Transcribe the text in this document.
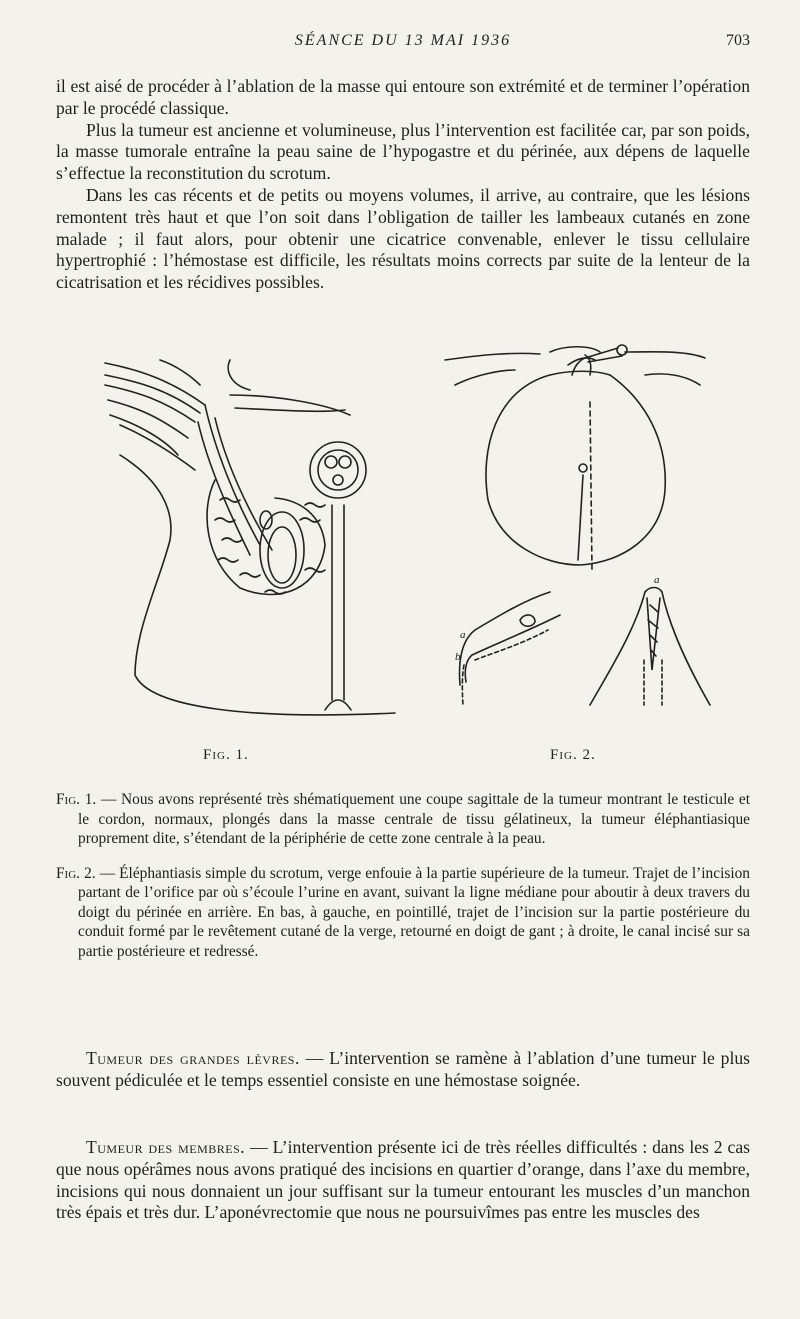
SÉANCE DU 13 MAI 1936	703

il est aisé de procéder à l’ablation de la masse qui entoure son extrémité et de terminer l’opération par le procédé classique.

Plus la tumeur est ancienne et volumineuse, plus l’intervention est facilitée car, par son poids, la masse tumorale entraîne la peau saine de l’hypogastre et du périnée, aux dépens de laquelle s’effectue la reconstitution du scrotum.

Dans les cas récents et de petits ou moyens volumes, il arrive, au contraire, que les lésions remontent très haut et que l’on soit dans l’obligation de tailler les lambeaux cutanés en zone malade ; il faut alors, pour obtenir une cicatrice convenable, enlever le tissu cellulaire hypertrophié : l’hémostase est difficile, les résultats moins corrects par suite de la lenteur de la cicatrisation et les récidives possibles.

a
a
b
Fig. 1.	Fig. 2.

Fig. 1. — Nous avons représenté très shématiquement une coupe sagittale de la tumeur montrant le testicule et le cordon, normaux, plongés dans la masse centrale de tissu gélatineux, la tumeur éléphantiasique proprement dite, s’étendant de la périphérie de cette zone centrale à la peau.

Fig. 2. — Éléphantiasis simple du scrotum, verge enfouie à la partie supérieure de la tumeur. Trajet de l’incision partant de l’orifice par où s’écoule l’urine en avant, suivant la ligne médiane pour aboutir à deux travers du doigt du périnée en arrière. En bas, à gauche, en pointillé, trajet de l’incision sur la partie postérieure du conduit formé par le revêtement cutané de la verge, retourné en doigt de gant ; à droite, le canal incisé sur sa partie postérieure et redressé.

Tumeur des grandes lèvres. — L’intervention se ramène à l’ablation d’une tumeur le plus souvent pédiculée et le temps essentiel consiste en une hémostase soignée.

Tumeur des membres. — L’intervention présente ici de très réelles difficultés : dans les 2 cas que nous opérâmes nous avons pratiqué des incisions en quartier d’orange, dans l’axe du membre, incisions qui nous donnaient un jour suffisant sur la tumeur entourant les muscles d’un manchon très épais et très dur. L’aponévrectomie que nous ne poursuivîmes pas entre les muscles des
